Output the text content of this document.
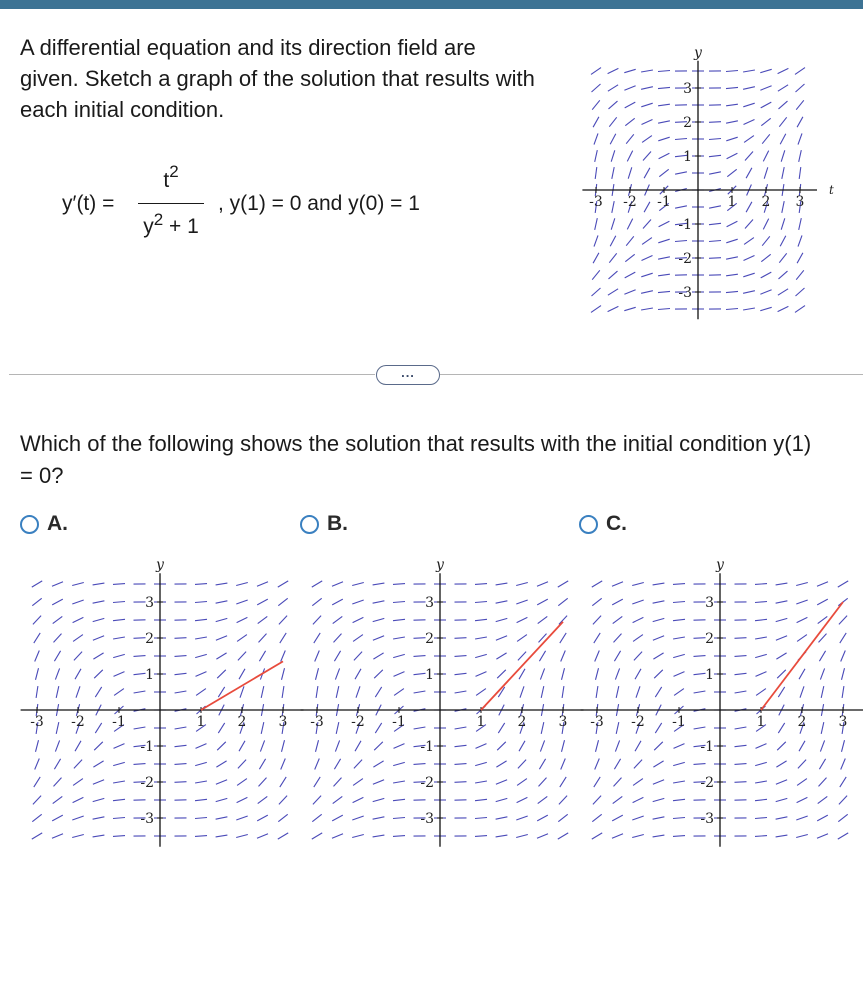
A differential equation and its direction field are given. Sketch a graph of the solution that results with each initial condition.

y′(t) =
$t^2$
$y^2 + 1$
, y(1) = 0 and y(0) = 1	-3
-3
-2
-2
-1
-1
1
1
2
2
3
3
y
t
...

Which of the following shows the solution that results with the initial condition y(1) = 0?

A.	B.	C.
-3
-3
-2
-2
-1
-1
1
1
2
2
3
3
y
-3
-3
-2
-2
-1
-1
1
1
2
2
3
3
y
-3
-3
-2
-2
-1
-1
1
1
2
2
3
3
y
